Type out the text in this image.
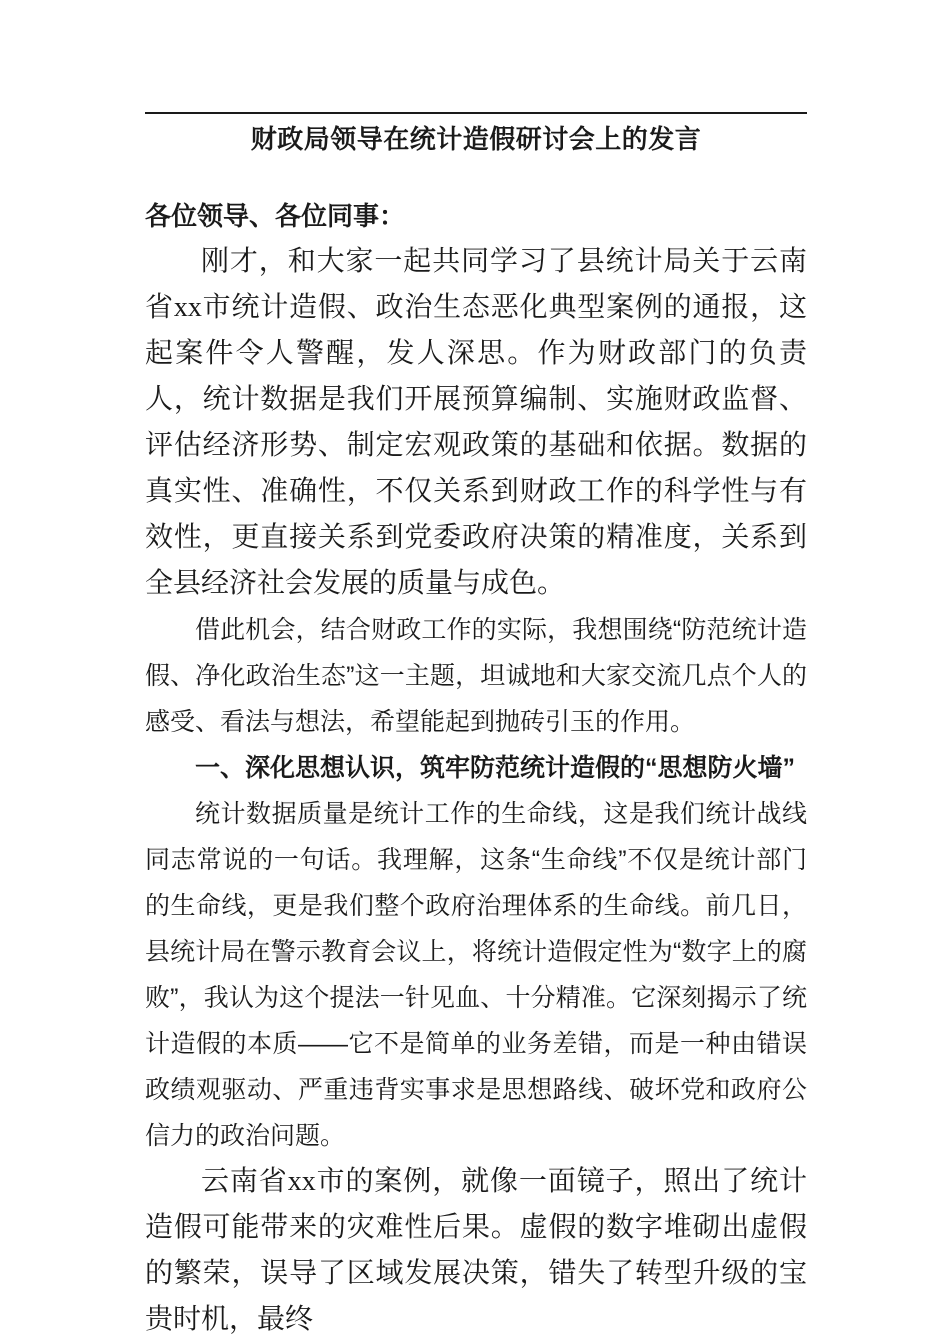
财政局领导在统计造假研讨会上的发言

各位领导、各位同事：

刚才，和大家一起共同学习了县统计局关于云南省xx市统计造假、政治生态恶化典型案例的通报，这起案件令人警醒，发人深思。作为财政部门的负责人，统计数据是我们开展预算编制、实施财政监督、评估经济形势、制定宏观政策的基础和依据。数据的真实性、准确性，不仅关系到财政工作的科学性与有效性，更直接关系到党委政府决策的精准度，关系到全县经济社会发展的质量与成色。

借此机会，结合财政工作的实际，我想围绕“防范统计造假、净化政治生态”这一主题，坦诚地和大家交流几点个人的感受、看法与想法，希望能起到抛砖引玉的作用。

一、深化思想认识，筑牢防范统计造假的“思想防火墙”

统计数据质量是统计工作的生命线，这是我们统计战线同志常说的一句话。我理解，这条“生命线”不仅是统计部门的生命线，更是我们整个政府治理体系的生命线。前几日，县统计局在警示教育会议上，将统计造假定性为“数字上的腐败”，我认为这个提法一针见血、十分精准。它深刻揭示了统计造假的本质——它不是简单的业务差错，而是一种由错误政绩观驱动、严重违背实事求是思想路线、破坏党和政府公信力的政治问题。

云南省xx市的案例，就像一面镜子，照出了统计造假可能带来的灾难性后果。虚假的数字堆砌出虚假的繁荣，误导了区域发展决策，错失了转型升级的宝贵时机，最终
